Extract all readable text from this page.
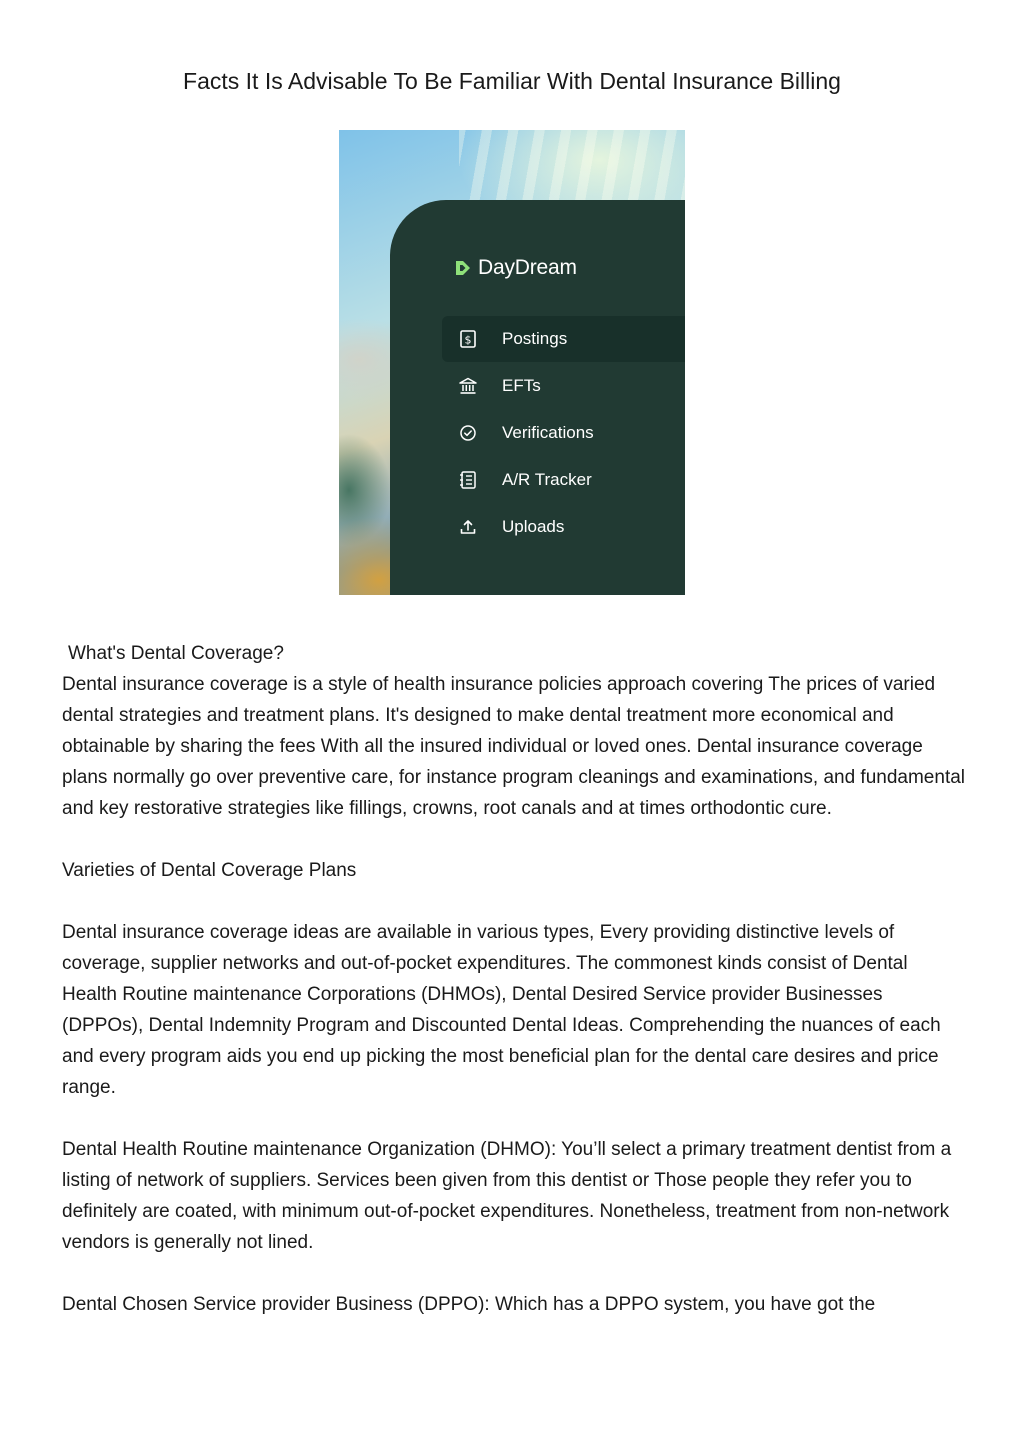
Facts It Is Advisable To Be Familiar With Dental Insurance Billing
DayDream
$ Postings
EFTs
Verifications
A/R Tracker
Uploads

What's Dental Coverage?

Dental insurance coverage is a style of health insurance policies approach covering The prices of varied dental strategies and treatment plans. It's designed to make dental treatment more economical and obtainable by sharing the fees With all the insured individual or loved ones. Dental insurance coverage plans normally go over preventive care, for instance program cleanings and examinations, and fundamental and key restorative strategies like fillings, crowns, root canals and at times orthodontic cure.

Varieties of Dental Coverage Plans

Dental insurance coverage ideas are available in various types, Every providing distinctive levels of coverage, supplier networks and out-of-pocket expenditures. The commonest kinds consist of Dental Health Routine maintenance Corporations (DHMOs), Dental Desired Service provider Businesses (DPPOs), Dental Indemnity Program and Discounted Dental Ideas. Comprehending the nuances of each and every program aids you end up picking the most beneficial plan for the dental care desires and price range.

Dental Health Routine maintenance Organization (DHMO): You’ll select a primary treatment dentist from a listing of network of suppliers. Services been given from this dentist or Those people they refer you to definitely are coated, with minimum out-of-pocket expenditures. Nonetheless, treatment from non-network vendors is generally not lined.

Dental Chosen Service provider Business (DPPO): Which has a DPPO system, you have got the
